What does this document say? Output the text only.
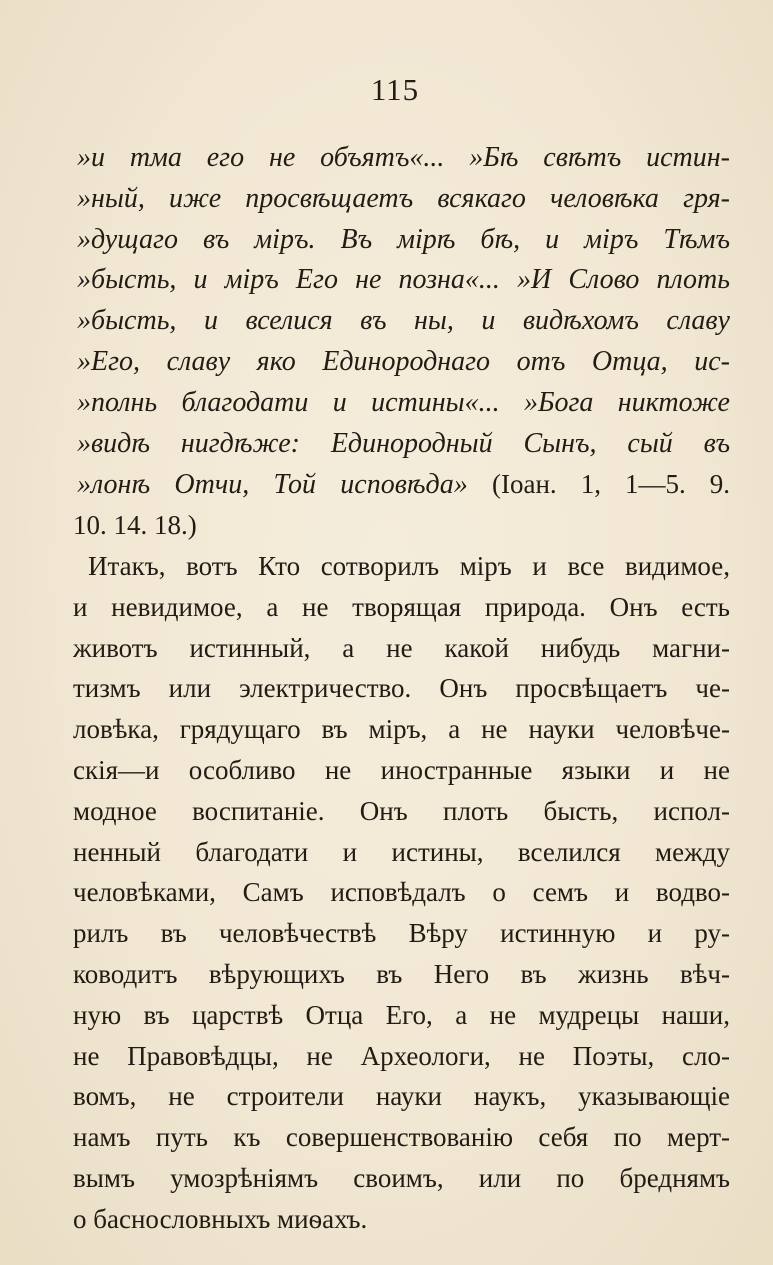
115
»и тма его не объятъ«... »Бѣ свѣтъ истин-
»ный, иже просвѣщаетъ всякаго человѣка гря-
»дущаго въ міръ. Въ мірѣ бѣ, и міръ Тѣмъ
»бысть, и міръ Его не позна«... »И Слово плоть
»бысть, и вселися въ ны, и видѣхомъ славу
»Его, славу яко Единороднаго отъ Отца, ис-
»полнь благодати и истины«... »Бога никтоже
»видѣ нигдѣже: Единородный Сынъ, сый въ
»лонѣ Отчи, Той исповѣда» (Іоан. 1, 1—5. 9.
10. 14. 18.)
Итакъ, вотъ Кто сотворилъ міръ и все видимое,
и невидимое, а не творящая природа. Онъ есть
животъ истинный, а не какой нибудь магни-
тизмъ или электричество. Онъ просвѣщаетъ че-
ловѣка, грядущаго въ міръ, а не науки человѣче-
скія—и особливо не иностранные языки и не
модное воспитаніе. Онъ плоть бысть, испол-
ненный благодати и истины, вселился между
человѣками, Самъ исповѣдалъ о семъ и водво-
рилъ въ человѣчествѣ Вѣру истинную и ру-
ководитъ вѣрующихъ въ Него въ жизнь вѣч-
ную въ царствѣ Отца Его, а не мудрецы наши,
не Правовѣдцы, не Археологи, не Поэты, сло-
вомъ, не строители науки наукъ, указывающіе
намъ путь къ совершенствованію себя по мерт-
вымъ умозрѣніямъ своимъ, или по бреднямъ
о баснословныхъ миѳахъ.
